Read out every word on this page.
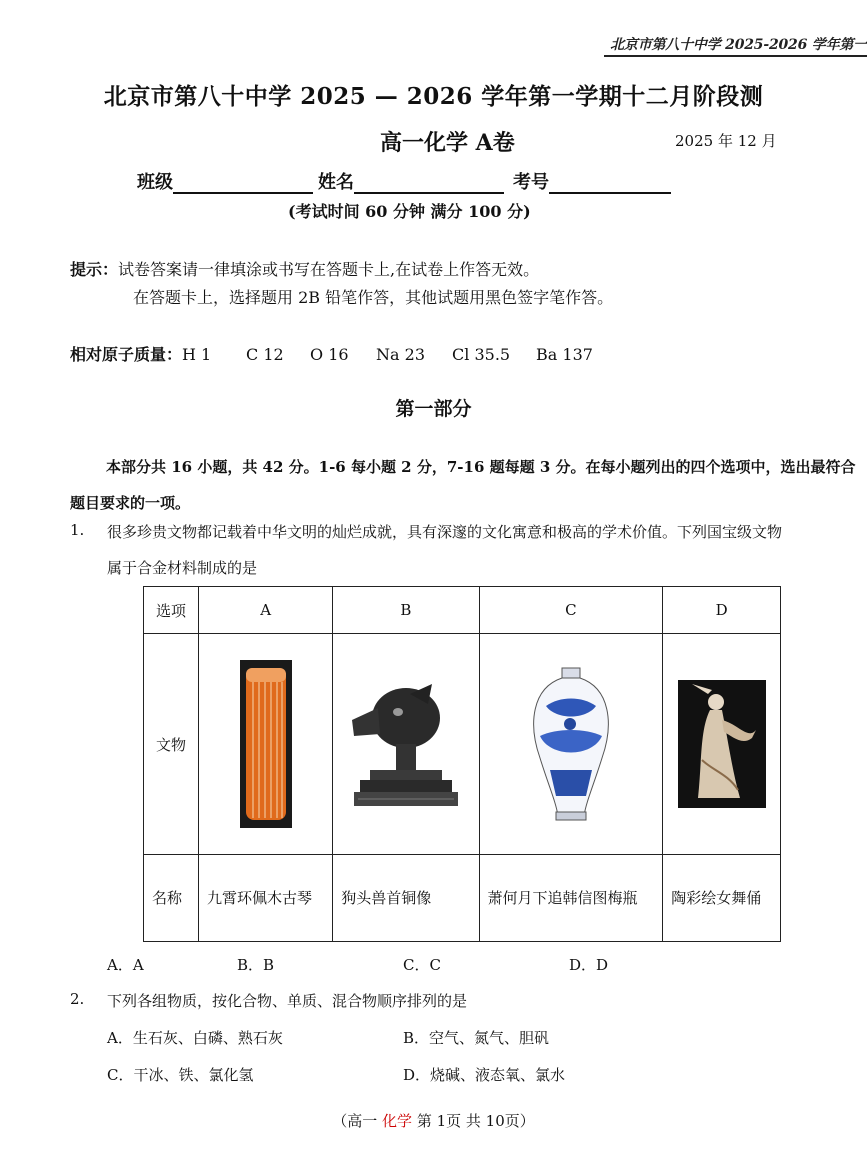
北京市第八十中学 2025-2026 学年第一
北京市第八十中学 2025 — 2026 学年第一学期十二月阶段测
高一化学 A卷	2025 年 12 月
班级	姓名	考号
(考试时间 60 分钟 满分 100 分)
提示：试卷答案请一律填涂或书写在答题卡上,在试卷上作答无效。
在答题卡上，选择题用 2B 铅笔作答，其他试题用黑色签字笔作答。
相对原子质量：H 1 C 12 O 16 Na 23 Cl 35.5 Ba 137
第一部分
本部分共 16 小题，共 42 分。1-6 每小题 2 分，7-16 题每题 3 分。在每小题列出的四个选项中，选出最符合题目要求的一项。
1. 很多珍贵文物都记载着中华文明的灿烂成就，具有深邃的文化寓意和极高的学术价值。下列国宝级文物
属于合金材料制成的是
选项	A	B	C	D
文物	

名称	九霄环佩木古琴	狗头兽首铜像	萧何月下追韩信图梅瓶	陶彩绘女舞俑
A．A	B．B	C．C	D．D
2. 下列各组物质，按化合物、单质、混合物顺序排列的是
A．生石灰、白磷、熟石灰	B．空气、氮气、胆矾
C．干冰、铁、氯化氢	D．烧碱、液态氧、氯水
（高一 化学 第 1页 共 10页）
